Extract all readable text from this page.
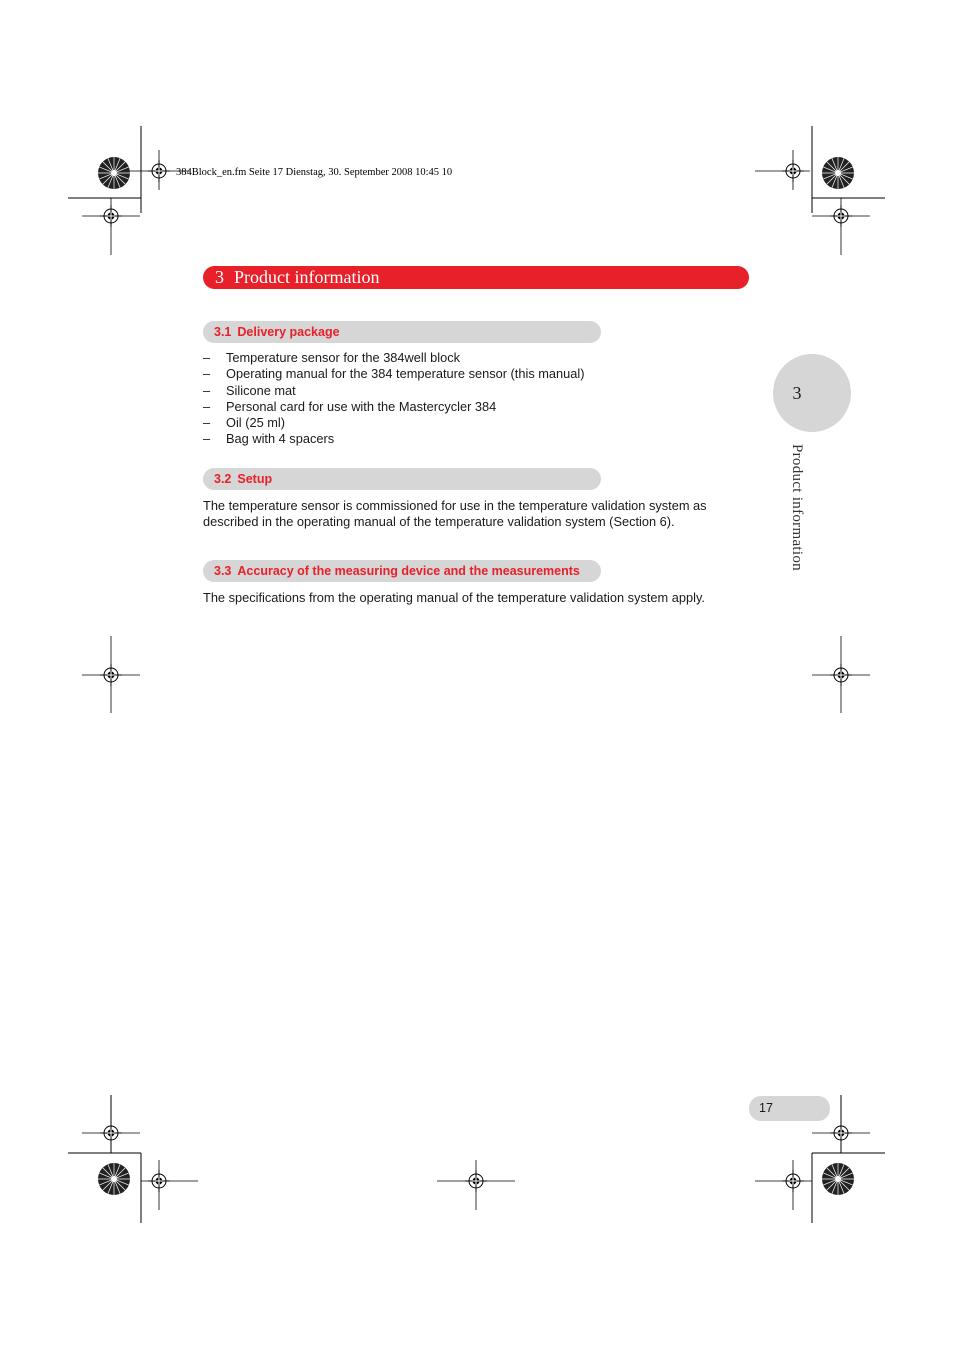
384Block_en.fm Seite 17 Dienstag, 30. September 2008 10:45 10
3 Product information
3.1 Delivery package
– Temperature sensor for the 384well block
– Operating manual for the 384 temperature sensor (this manual)
– Silicone mat
– Personal card for use with the Mastercycler 384
– Oil (25 ml)
– Bag with 4 spacers
3.2 Setup
The temperature sensor is commissioned for use in the temperature validation system as described in the operating manual of the temperature validation system (Section 6).
3.3 Accuracy of the measuring device and the measurements
The specifications from the operating manual of the temperature validation system apply.
3
Product information
17
